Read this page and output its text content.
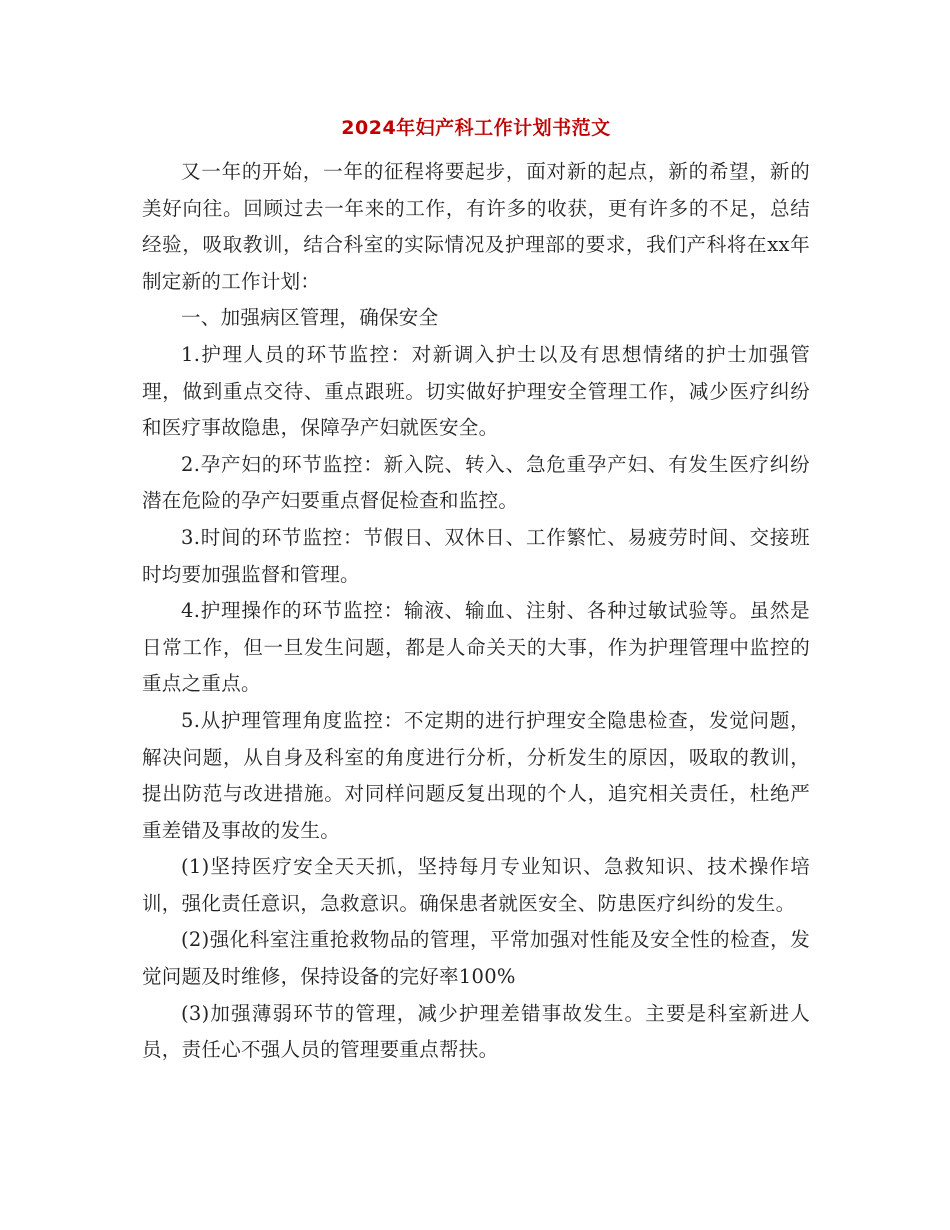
2024年妇产科工作计划书范文

又一年的开始，一年的征程将要起步，面对新的起点，新的希望，新的美好向往。回顾过去一年来的工作，有许多的收获，更有许多的不足，总结经验，吸取教训，结合科室的实际情况及护理部的要求，我们产科将在xx年制定新的工作计划：

一、加强病区管理，确保安全

1.护理人员的环节监控：对新调入护士以及有思想情绪的护士加强管理，做到重点交待、重点跟班。切实做好护理安全管理工作，减少医疗纠纷和医疗事故隐患，保障孕产妇就医安全。

2.孕产妇的环节监控：新入院、转入、急危重孕产妇、有发生医疗纠纷潜在危险的孕产妇要重点督促检查和监控。

3.时间的环节监控：节假日、双休日、工作繁忙、易疲劳时间、交接班时均要加强监督和管理。

4.护理操作的环节监控：输液、输血、注射、各种过敏试验等。虽然是日常工作，但一旦发生问题，都是人命关天的大事，作为护理管理中监控的重点之重点。

5.从护理管理角度监控：不定期的进行护理安全隐患检查，发觉问题，解决问题，从自身及科室的角度进行分析，分析发生的原因，吸取的教训，提出防范与改进措施。对同样问题反复出现的个人，追究相关责任，杜绝严重差错及事故的发生。

(1)坚持医疗安全天天抓，坚持每月专业知识、急救知识、技术操作培训，强化责任意识，急救意识。确保患者就医安全、防患医疗纠纷的发生。

(2)强化科室注重抢救物品的管理，平常加强对性能及安全性的检查，发觉问题及时维修，保持设备的完好率100%

(3)加强薄弱环节的管理，减少护理差错事故发生。主要是科室新进人员，责任心不强人员的管理要重点帮扶。
